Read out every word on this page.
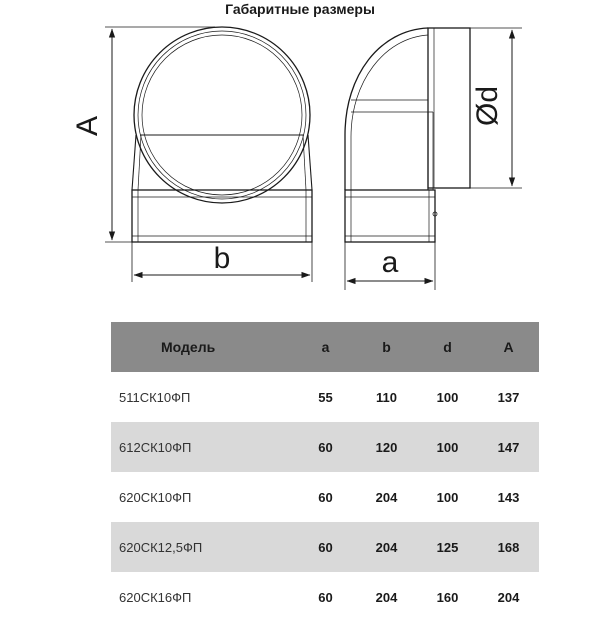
Габаритные размеры
A
b
Ød
a
Модель	a	b	d	A
511СК10ФП	55	110	100	137
612СК10ФП	60	120	100	147
620СК10ФП	60	204	100	143
620СК12,5ФП	60	204	125	168
620СК16ФП	60	204	160	204
